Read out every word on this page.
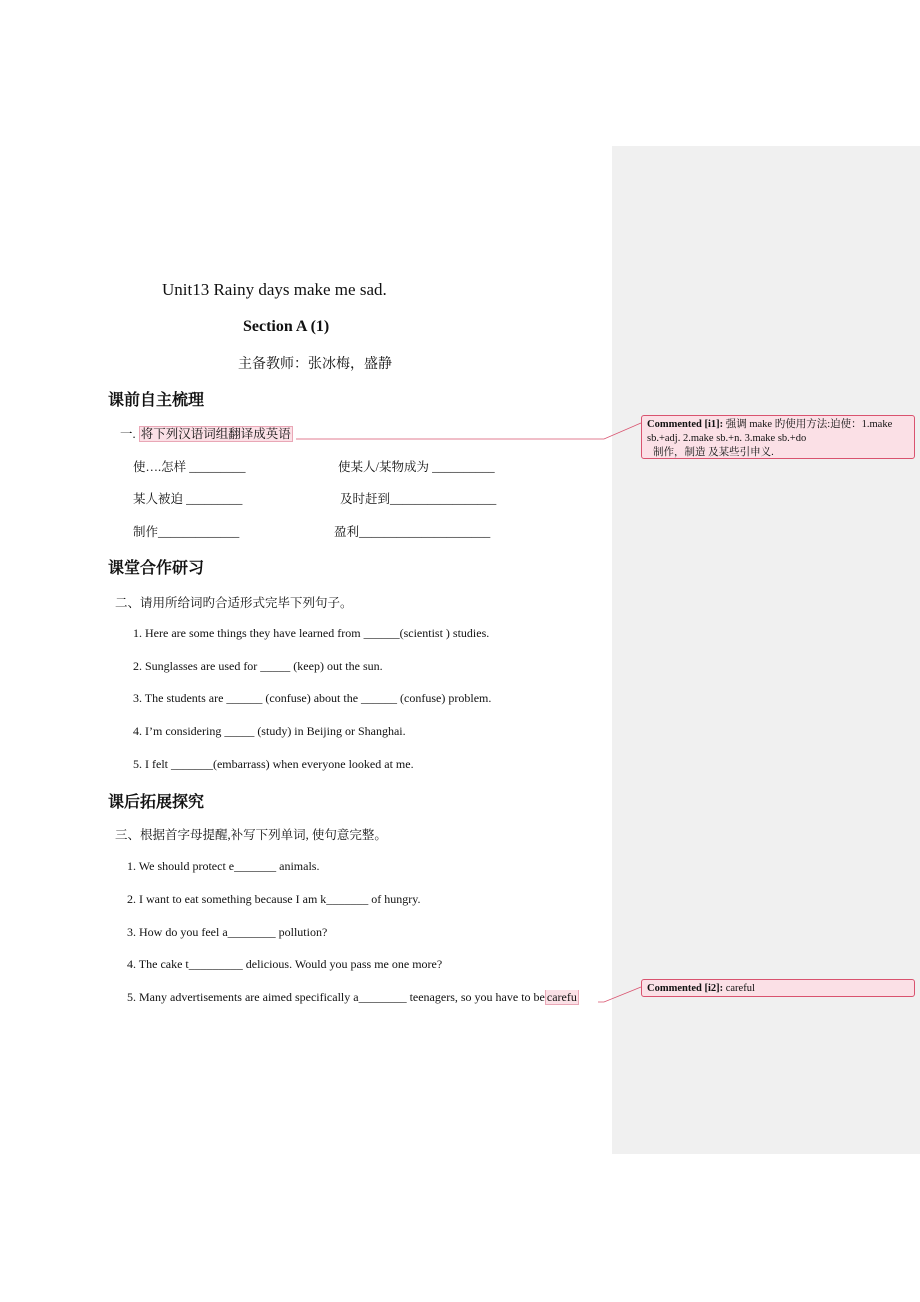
Unit13 Rainy days make me sad.
Section A (1)
主备教师：张冰梅，盛静
课前自主梳理
一. 将下列汉语词组翻译成英语
使….怎样 _________	使某人/某物成为 __________
某人被迫 _________	及时赶到_________________
制作_____________	盈利_____________________
课堂合作研习
二、请用所给词旳合适形式完毕下列句子。
1. Here are some things they have learned from ______(scientist ) studies.
2. Sunglasses are used for _____ (keep) out the sun.
3. The students are ______ (confuse) about the ______ (confuse) problem.
4. I’m considering _____ (study) in Beijing or Shanghai.
5. I felt _______(embarrass) when everyone looked at me.
课后拓展探究
三、根据首字母提醒,补写下列单词, 使句意完整。
1. We should protect e_______ animals.
2. I want to eat something because I am k_______ of hungry.
3. How do you feel a________ pollution?
4. The cake t_________ delicious. Would you pass me one more?
5. Many advertisements are aimed specifically a________ teenagers, so you have to be carefu
Commented [i1]: 强调 make 旳使用方法:迫使：1.make
sb.+adj. 2.make sb.+n. 3.make sb.+do
制作，制造 及某些引申义.
Commented [i2]: careful
